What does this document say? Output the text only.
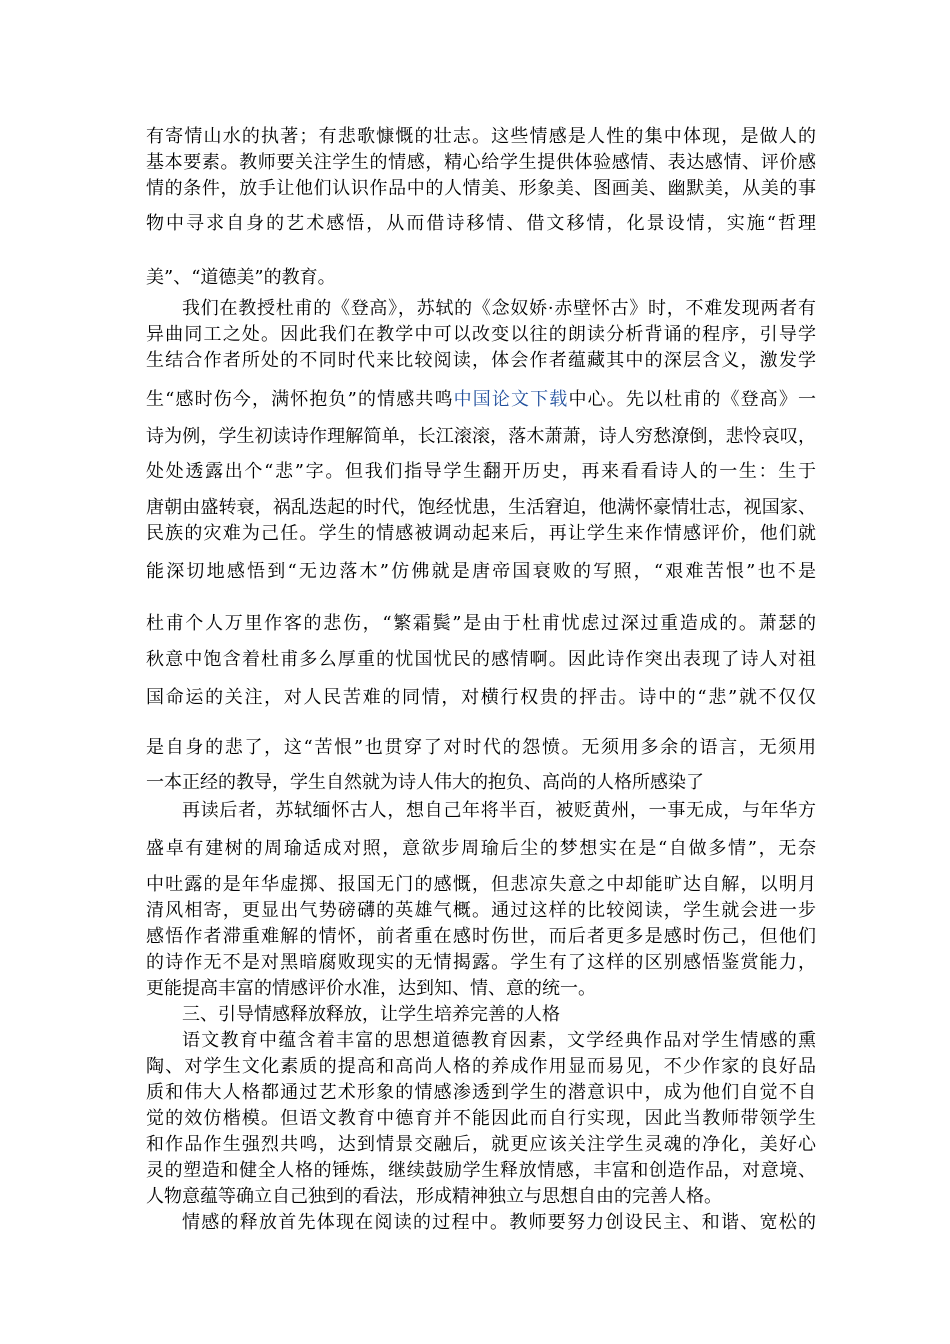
有寄情山水的执著；有悲歌慷慨的壮志。这些情感是人性的集中体现，是做人的
基本要素。教师要关注学生的情感，精心给学生提供体验感情、表达感情、评价感
情的条件，放手让他们认识作品中的人情美、形象美、图画美、幽默美，从美的事
物中寻求自身的艺术感悟，从而借诗移情、借文移情，化景设情，实施“哲理
美”、“道德美”的教育。
我们在教授杜甫的《登高》，苏轼的《念奴娇·赤壁怀古》时，不难发现两者有
异曲同工之处。因此我们在教学中可以改变以往的朗读分析背诵的程序，引导学
生结合作者所处的不同时代来比较阅读，体会作者蕴藏其中的深层含义，激发学
生“感时伤今，满怀抱负”的情感共鸣中国论文下载中心。先以杜甫的《登高》一
诗为例，学生初读诗作理解简单，长江滚滚，落木萧萧，诗人穷愁潦倒，悲怜哀叹，
处处透露出个“悲”字。但我们指导学生翻开历史，再来看看诗人的一生：生于
唐朝由盛转衰，祸乱迭起的时代，饱经忧患，生活窘迫，他满怀豪情壮志，视国家、
民族的灾难为己任。学生的情感被调动起来后，再让学生来作情感评价，他们就
能深切地感悟到“无边落木”仿佛就是唐帝国衰败的写照，“艰难苦恨”也不是
杜甫个人万里作客的悲伤，“繁霜鬓”是由于杜甫忧虑过深过重造成的。萧瑟的
秋意中饱含着杜甫多么厚重的忧国忧民的感情啊。因此诗作突出表现了诗人对祖
国命运的关注，对人民苦难的同情，对横行权贵的抨击。诗中的“悲”就不仅仅
是自身的悲了，这“苦恨”也贯穿了对时代的怨愤。无须用多余的语言，无须用
一本正经的教导，学生自然就为诗人伟大的抱负、高尚的人格所感染了
再读后者，苏轼缅怀古人，想自己年将半百，被贬黄州，一事无成，与年华方
盛卓有建树的周瑜适成对照，意欲步周瑜后尘的梦想实在是“自做多情”，无奈
中吐露的是年华虚掷、报国无门的感慨，但悲凉失意之中却能旷达自解，以明月
清风相寄，更显出气势磅礴的英雄气概。通过这样的比较阅读，学生就会进一步
感悟作者滞重难解的情怀，前者重在感时伤世，而后者更多是感时伤己，但他们
的诗作无不是对黑暗腐败现实的无情揭露。学生有了这样的区别感悟鉴赏能力，
更能提高丰富的情感评价水准，达到知、情、意的统一。
三、引导情感释放释放，让学生培养完善的人格
语文教育中蕴含着丰富的思想道德教育因素，文学经典作品对学生情感的熏
陶、对学生文化素质的提高和高尚人格的养成作用显而易见，不少作家的良好品
质和伟大人格都通过艺术形象的情感渗透到学生的潜意识中，成为他们自觉不自
觉的效仿楷模。但语文教育中德育并不能因此而自行实现，因此当教师带领学生
和作品作生强烈共鸣，达到情景交融后，就更应该关注学生灵魂的净化，美好心
灵的塑造和健全人格的锤炼，继续鼓励学生释放情感，丰富和创造作品，对意境、
人物意蕴等确立自己独到的看法，形成精神独立与思想自由的完善人格。
情感的释放首先体现在阅读的过程中。教师要努力创设民主、和谐、宽松的
